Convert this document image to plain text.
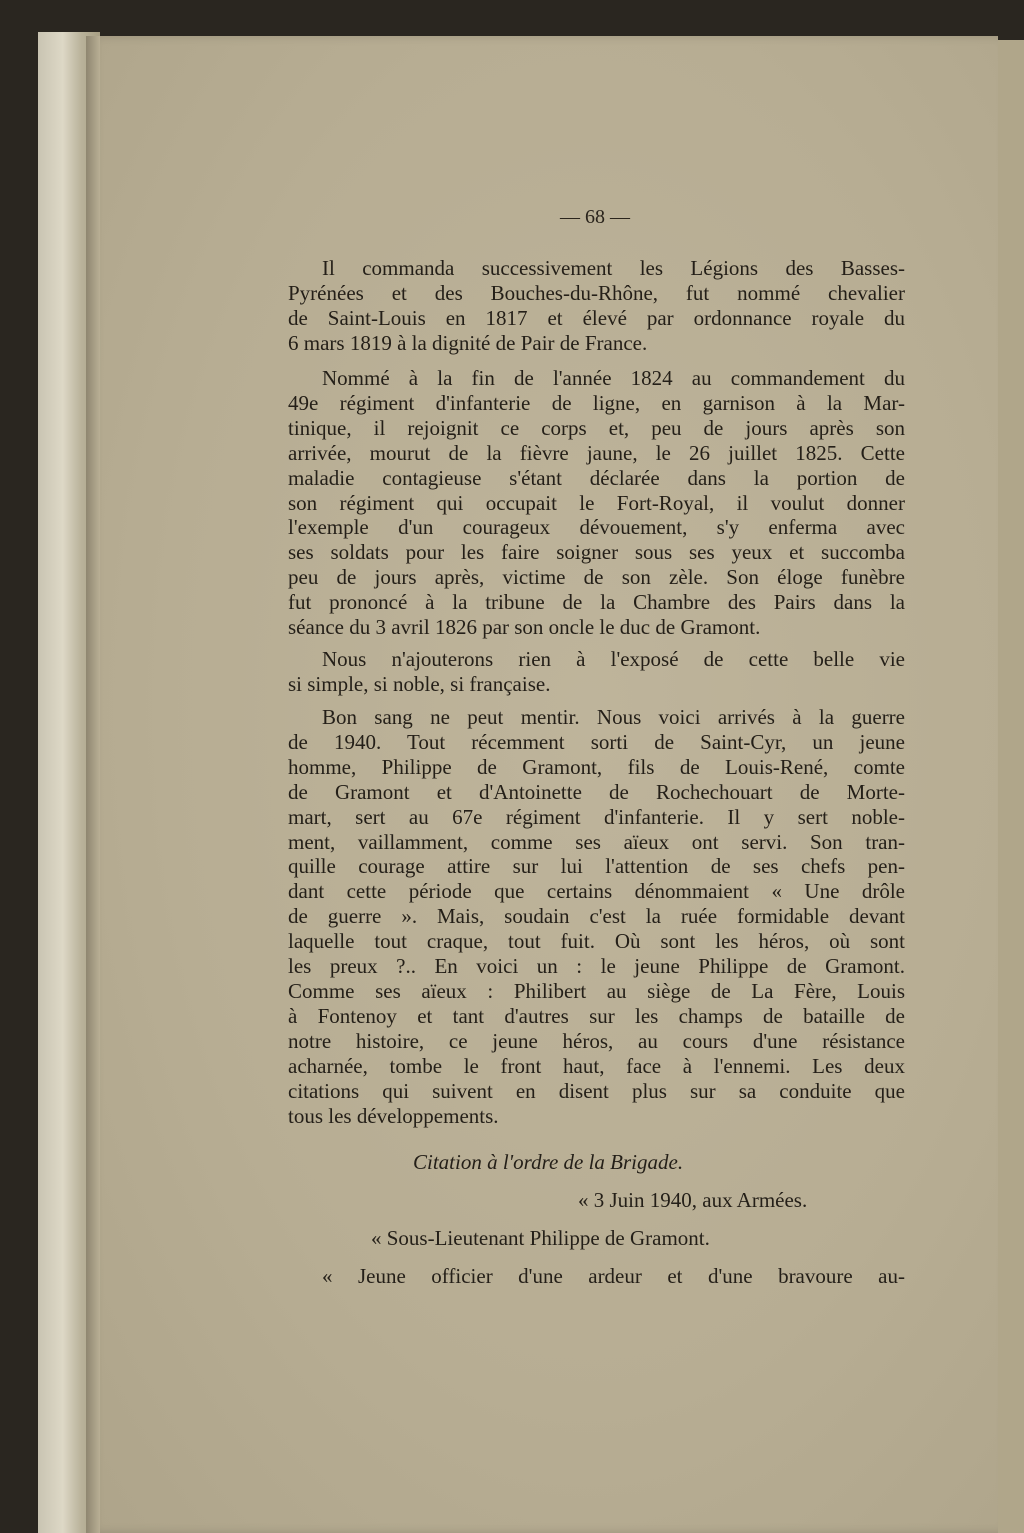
— 68 —
Il commanda successivement les Légions des Basses-
Pyrénées et des Bouches-du-Rhône, fut nommé chevalier
de Saint-Louis en 1817 et élevé par ordonnance royale du
6 mars 1819 à la dignité de Pair de France.
Nommé à la fin de l'année 1824 au commandement du
49e régiment d'infanterie de ligne, en garnison à la Mar-
tinique, il rejoignit ce corps et, peu de jours après son
arrivée, mourut de la fièvre jaune, le 26 juillet 1825. Cette
maladie contagieuse s'étant déclarée dans la portion de
son régiment qui occupait le Fort-Royal, il voulut donner
l'exemple d'un courageux dévouement, s'y enferma avec
ses soldats pour les faire soigner sous ses yeux et succomba
peu de jours après, victime de son zèle. Son éloge funèbre
fut prononcé à la tribune de la Chambre des Pairs dans la
séance du 3 avril 1826 par son oncle le duc de Gramont.
Nous n'ajouterons rien à l'exposé de cette belle vie
si simple, si noble, si française.
Bon sang ne peut mentir. Nous voici arrivés à la guerre
de 1940. Tout récemment sorti de Saint-Cyr, un jeune
homme, Philippe de Gramont, fils de Louis-René, comte
de Gramont et d'Antoinette de Rochechouart de Morte-
mart, sert au 67e régiment d'infanterie. Il y sert noble-
ment, vaillamment, comme ses aïeux ont servi. Son tran-
quille courage attire sur lui l'attention de ses chefs pen-
dant cette période que certains dénommaient « Une drôle
de guerre ». Mais, soudain c'est la ruée formidable devant
laquelle tout craque, tout fuit. Où sont les héros, où sont
les preux ?.. En voici un : le jeune Philippe de Gramont.
Comme ses aïeux : Philibert au siège de La Fère, Louis
à Fontenoy et tant d'autres sur les champs de bataille de
notre histoire, ce jeune héros, au cours d'une résistance
acharnée, tombe le front haut, face à l'ennemi. Les deux
citations qui suivent en disent plus sur sa conduite que
tous les développements.
Citation à l'ordre de la Brigade.
« 3 Juin 1940, aux Armées.
« Sous-Lieutenant Philippe de Gramont.
« Jeune officier d'une ardeur et d'une bravoure au-
